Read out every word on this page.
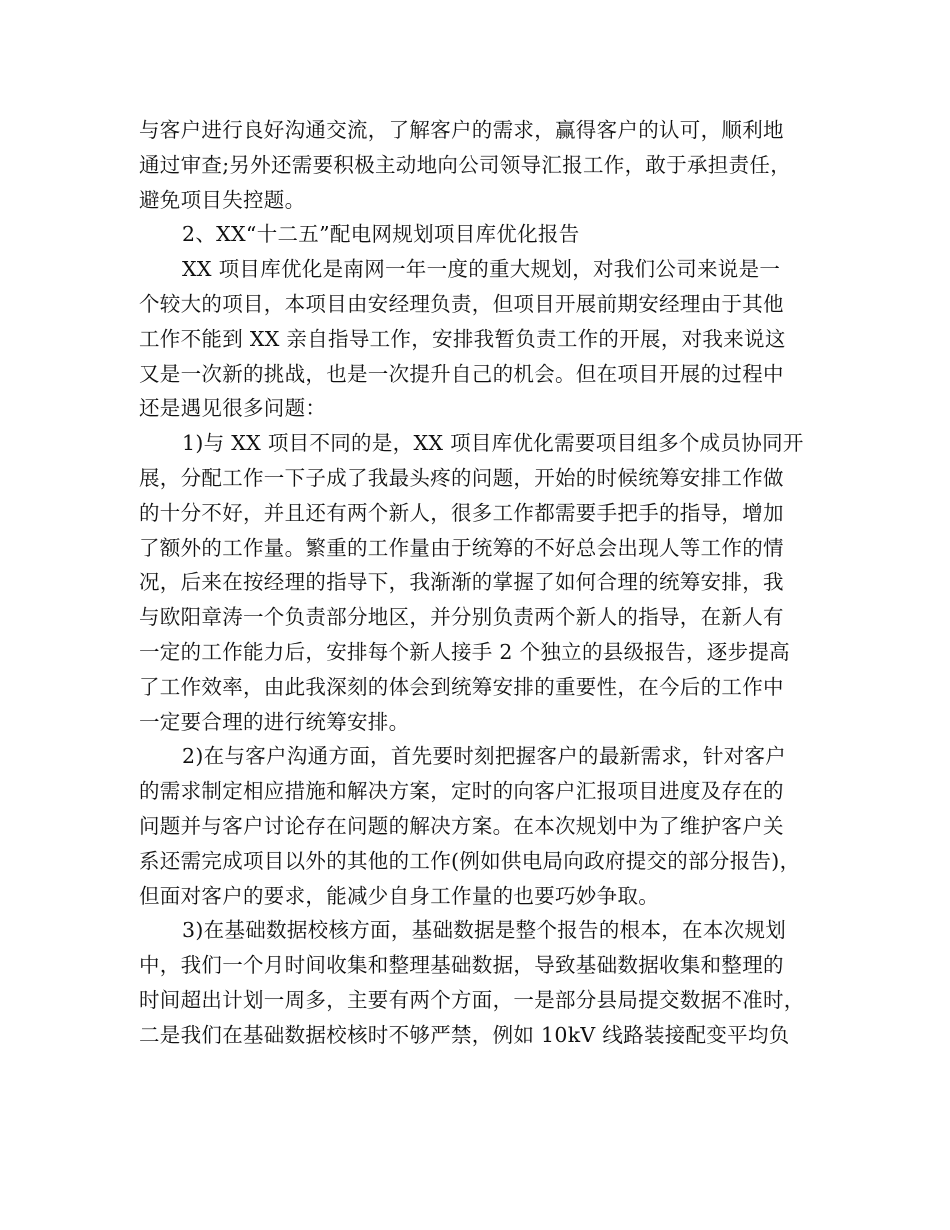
与客户进行良好沟通交流，了解客户的需求，赢得客户的认可，顺利地
通过审查;另外还需要积极主动地向公司领导汇报工作，敢于承担责任，
避免项目失控题。
2、XX“十二五”配电网规划项目库优化报告
XX 项目库优化是南网一年一度的重大规划，对我们公司来说是一
个较大的项目，本项目由安经理负责，但项目开展前期安经理由于其他
工作不能到 XX 亲自指导工作，安排我暂负责工作的开展，对我来说这
又是一次新的挑战，也是一次提升自己的机会。但在项目开展的过程中
还是遇见很多问题：
1)与 XX 项目不同的是，XX 项目库优化需要项目组多个成员协同开
展，分配工作一下子成了我最头疼的问题，开始的时候统筹安排工作做
的十分不好，并且还有两个新人，很多工作都需要手把手的指导，增加
了额外的工作量。繁重的工作量由于统筹的不好总会出现人等工作的情
况，后来在按经理的指导下，我渐渐的掌握了如何合理的统筹安排，我
与欧阳章涛一个负责部分地区，并分别负责两个新人的指导，在新人有
一定的工作能力后，安排每个新人接手 2 个独立的县级报告，逐步提高
了工作效率，由此我深刻的体会到统筹安排的重要性，在今后的工作中
一定要合理的进行统筹安排。
2)在与客户沟通方面，首先要时刻把握客户的最新需求，针对客户
的需求制定相应措施和解决方案，定时的向客户汇报项目进度及存在的
问题并与客户讨论存在问题的解决方案。在本次规划中为了维护客户关
系还需完成项目以外的其他的工作(例如供电局向政府提交的部分报告)，
但面对客户的要求，能减少自身工作量的也要巧妙争取。
3)在基础数据校核方面，基础数据是整个报告的根本，在本次规划
中，我们一个月时间收集和整理基础数据，导致基础数据收集和整理的
时间超出计划一周多，主要有两个方面，一是部分县局提交数据不准时，
二是我们在基础数据校核时不够严禁，例如 10kV 线路装接配变平均负
